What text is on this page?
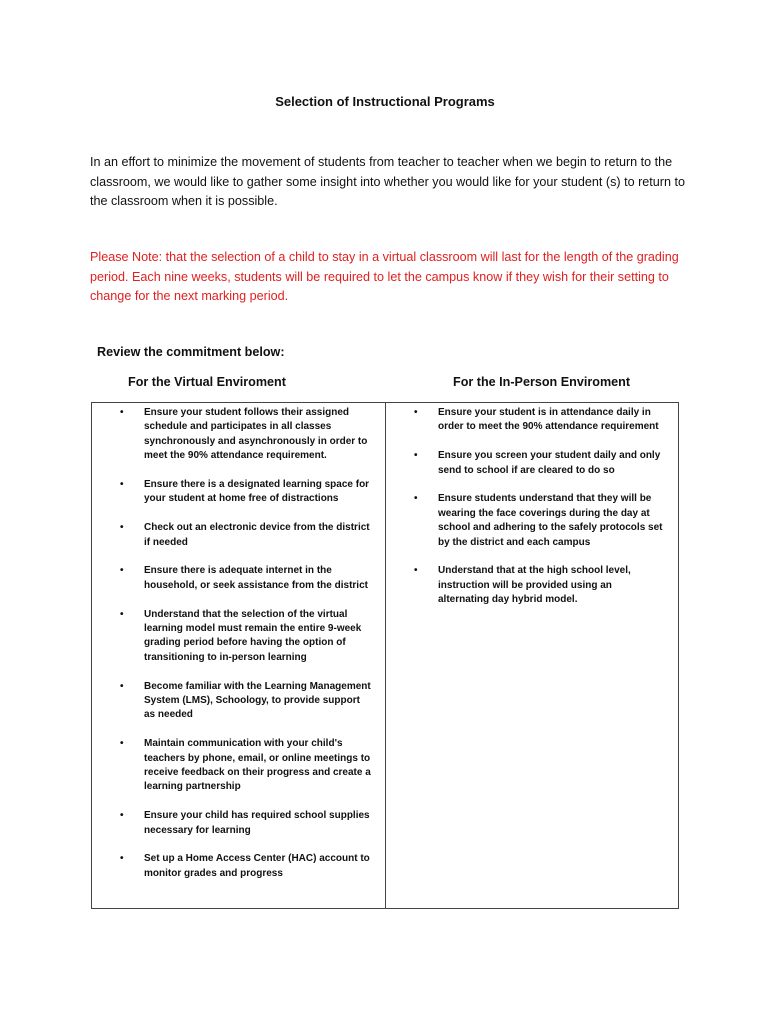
Selection of Instructional Programs
In an effort to minimize the movement of students from teacher to teacher when we begin to return to the classroom, we would like to gather some insight into whether you would like for your student (s) to return to the classroom when it is possible.
Please Note: that the selection of a child to stay in a virtual classroom will last for the length of the grading period. Each nine weeks, students will be required to let the campus know if they wish for their setting to change for the next marking period.
Review the commitment below:
For the Virtual Enviroment	For the In-Person Enviroment
• Ensure your student follows their assigned schedule and participates in all classes synchronously and asynchronously in order to meet the 90% attendance requirement.
• Ensure there is a designated learning space for your student at home free of distractions
• Check out an electronic device from the district if needed
• Ensure there is adequate internet in the household, or seek assistance from the district
• Understand that the selection of the virtual learning model must remain the entire 9-week grading period before having the option of transitioning to in-person learning
• Become familiar with the Learning Management System (LMS), Schoology, to provide support as needed
• Maintain communication with your child's teachers by phone, email, or online meetings to receive feedback on their progress and create a learning partnership
• Ensure your child has required school supplies necessary for learning
• Set up a Home Access Center (HAC) account to monitor grades and progress
• Ensure your student is in attendance daily in order to meet the 90% attendance requirement
• Ensure you screen your student daily and only send to school if are cleared to do so
• Ensure students understand that they will be wearing the face coverings during the day at school and adhering to the safely protocols set by the district and each campus
• Understand that at the high school level, instruction will be provided using an alternating day hybrid model.
